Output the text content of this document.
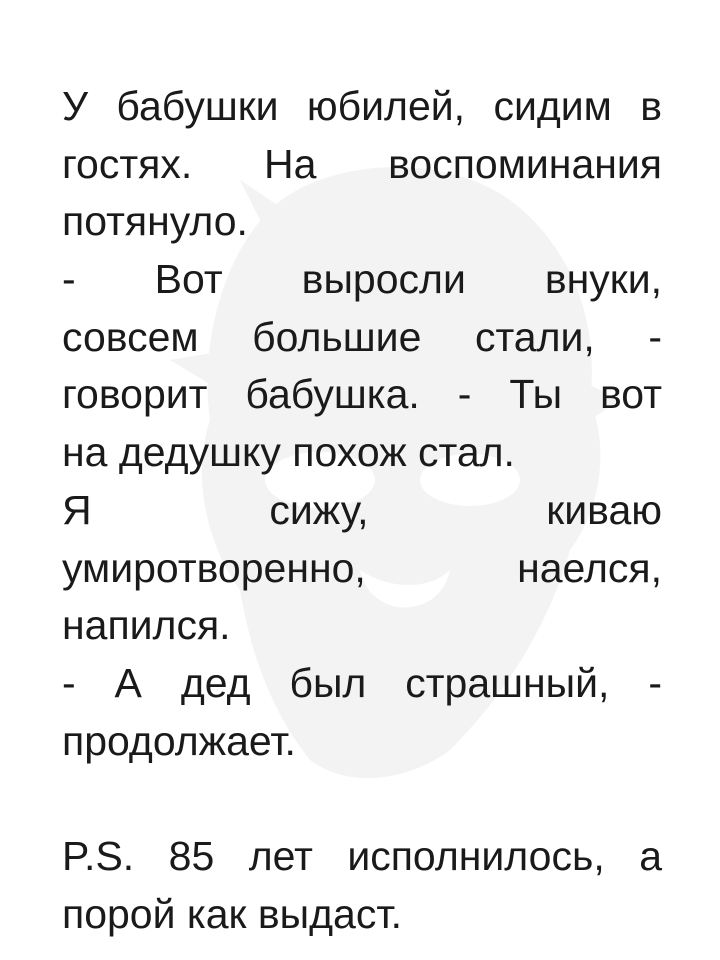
У бабушки юбилей, сидим в
гостях. На воспоминания
потянуло.
- Вот выросли внуки,
совсем большие стали, -
говорит бабушка. - Ты вот
на дедушку похож стал.
Я сижу, киваю
умиротворенно, наелся,
напился.
- А дед был страшный, -
продолжает.
P.S. 85 лет исполнилось, а
порой как выдаст.
